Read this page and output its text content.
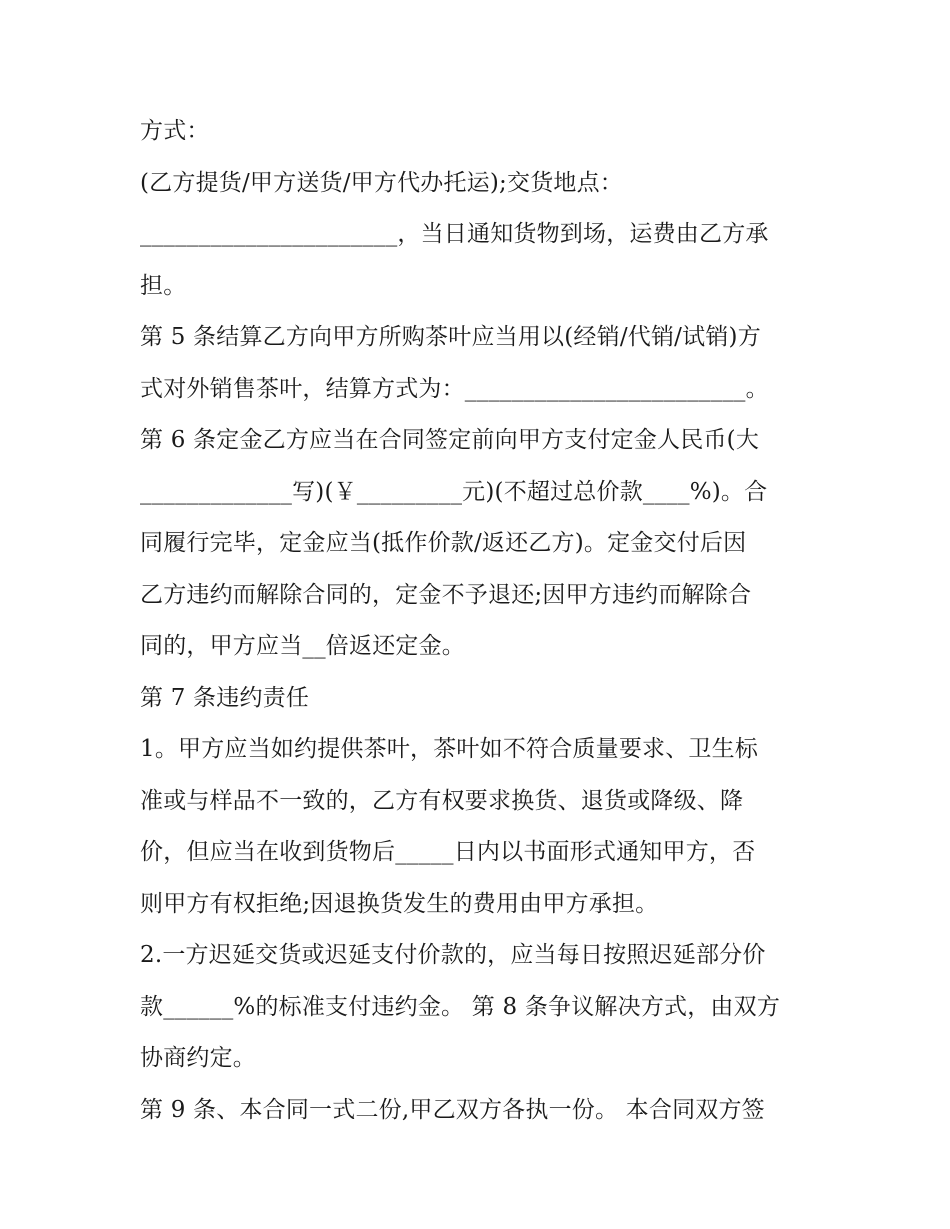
方式：
(乙方提货/甲方送货/甲方代办托运);交货地点：
______________________，当日通知货物到场，运费由乙方承
担。
第 5 条结算乙方向甲方所购茶叶应当用以(经销/代销/试销)方
式对外销售茶叶，结算方式为：________________________。
第 6 条定金乙方应当在合同签定前向甲方支付定金人民币(大
_____________写)(￥_________元)(不超过总价款____%)。合
同履行完毕，定金应当(抵作价款/返还乙方)。定金交付后因
乙方违约而解除合同的，定金不予退还;因甲方违约而解除合
同的，甲方应当__倍返还定金。
第 7 条违约责任
1。甲方应当如约提供茶叶，茶叶如不符合质量要求、卫生标
准或与样品不一致的，乙方有权要求换货、退货或降级、降
价，但应当在收到货物后_____日内以书面形式通知甲方，否
则甲方有权拒绝;因退换货发生的费用由甲方承担。
2.一方迟延交货或迟延支付价款的，应当每日按照迟延部分价
款______%的标准支付违约金。 第 8 条争议解决方式，由双方
协商约定。
第 9 条、本合同一式二份,甲乙双方各执一份。 本合同双方签
